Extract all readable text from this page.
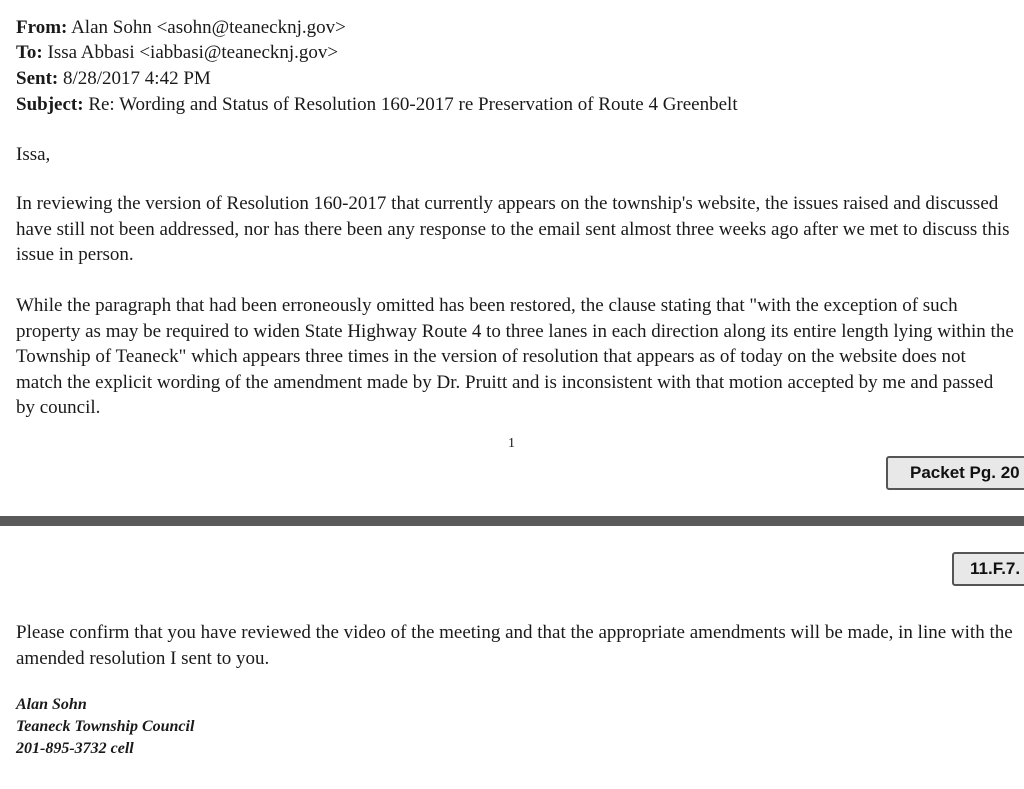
From: Alan Sohn <asohn@teanecknj.gov>
To: Issa Abbasi <iabbasi@teanecknj.gov>
Sent: 8/28/2017 4:42 PM
Subject: Re: Wording and Status of Resolution 160-2017 re Preservation of Route 4 Greenbelt
Issa,
In reviewing the version of Resolution 160-2017 that currently appears on the township's website, the issues raised and discussed have still not been addressed, nor has there been any response to the email sent almost three weeks ago after we met to discuss this issue in person.
While the paragraph that had been erroneously omitted has been restored, the clause stating that "with the exception of such property as may be required to widen State Highway Route 4 to three lanes in each direction along its entire length lying within the Township of Teaneck" which appears three times in the version of resolution that appears as of today on the website does not match the explicit wording of the amendment made by Dr. Pruitt and is inconsistent with that motion accepted by me and passed by council.
1
Packet Pg. 20
11.F.7.
Please confirm that you have reviewed the video of the meeting and that the appropriate amendments will be made, in line with the amended resolution I sent to you.
Alan Sohn
Teaneck Township Council
201-895-3732 cell
